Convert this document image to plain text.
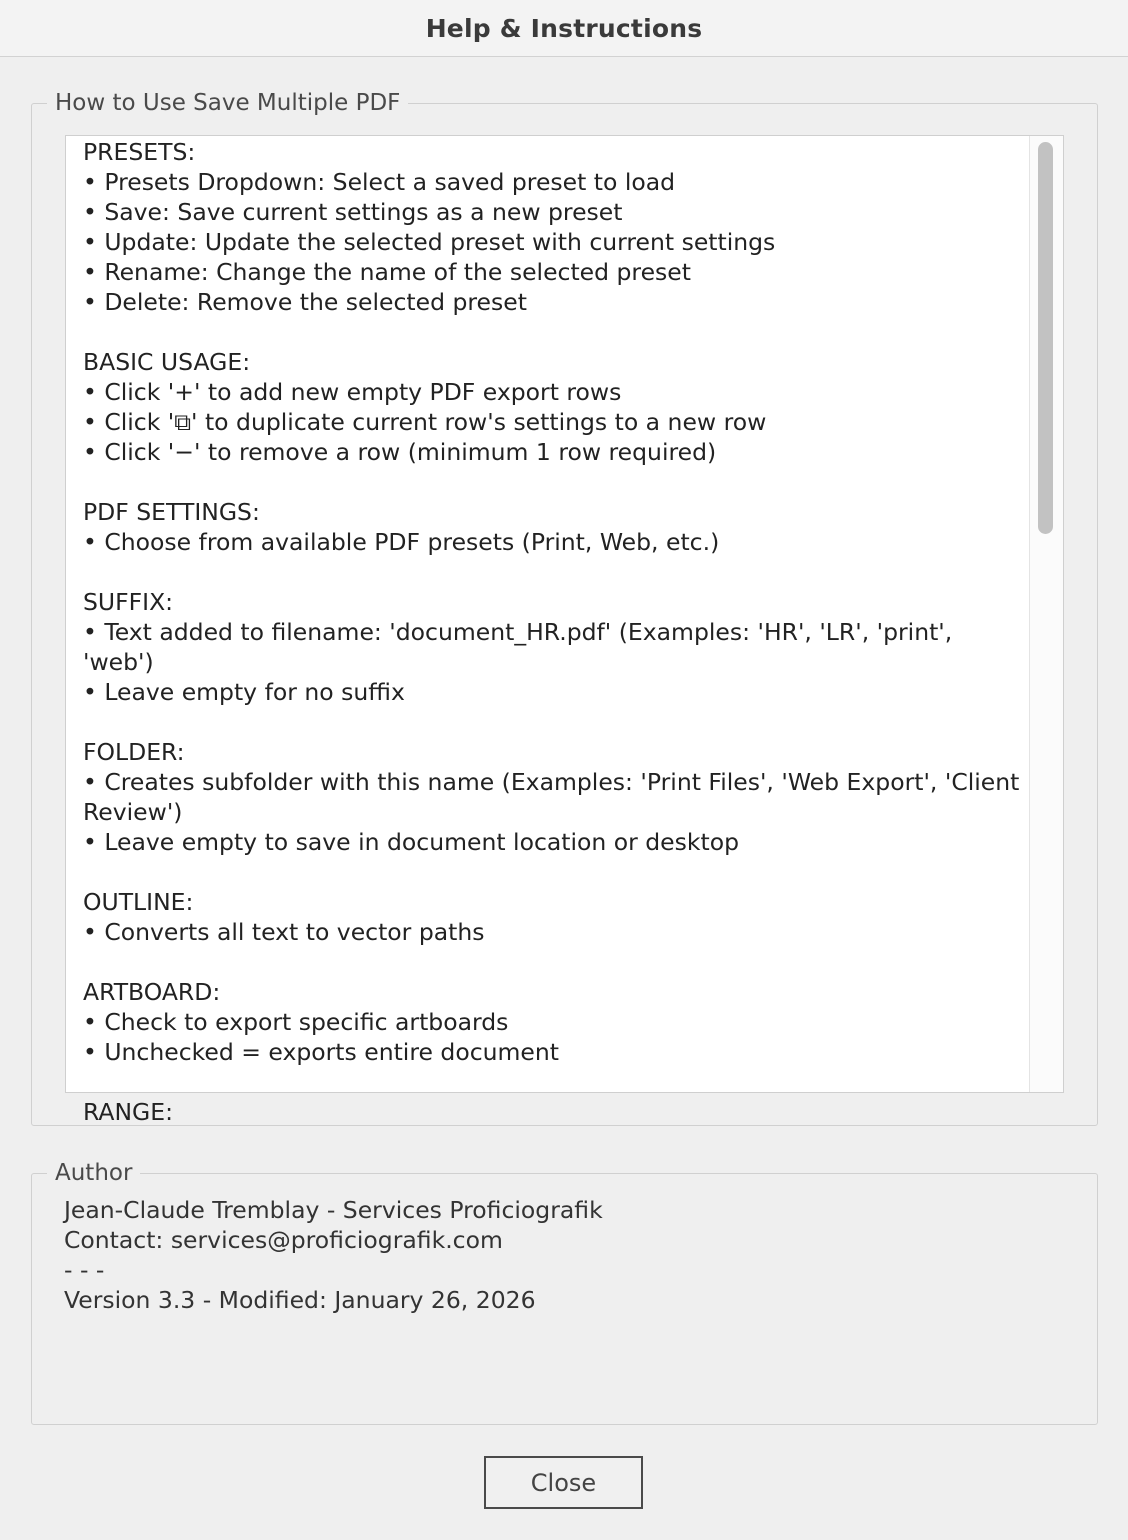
Help & Instructions
How to Use Save Multiple PDF
PRESETS:
• Presets Dropdown: Select a saved preset to load
• Save: Save current settings as a new preset
• Update: Update the selected preset with current settings
• Rename: Change the name of the selected preset
• Delete: Remove the selected preset
BASIC USAGE:
• Click '+' to add new empty PDF export rows
• Click '⧉' to duplicate current row's settings to a new row
• Click '−' to remove a row (minimum 1 row required)
PDF SETTINGS:
• Choose from available PDF presets (Print, Web, etc.)
SUFFIX:
• Text added to filename: 'document_HR.pdf' (Examples: 'HR', 'LR', 'print', 'web')
• Leave empty for no suffix
FOLDER:
• Creates subfolder with this name (Examples: 'Print Files', 'Web Export', 'Client Review')
• Leave empty to save in document location or desktop
OUTLINE:
• Converts all text to vector paths
ARTBOARD:
• Check to export specific artboards
• Unchecked = exports entire document
RANGE:
Author
Jean-Claude Tremblay - Services Proficiografik
Contact: services@proficiografik.com
- - -
Version 3.3 - Modified: January 26, 2026
Close
